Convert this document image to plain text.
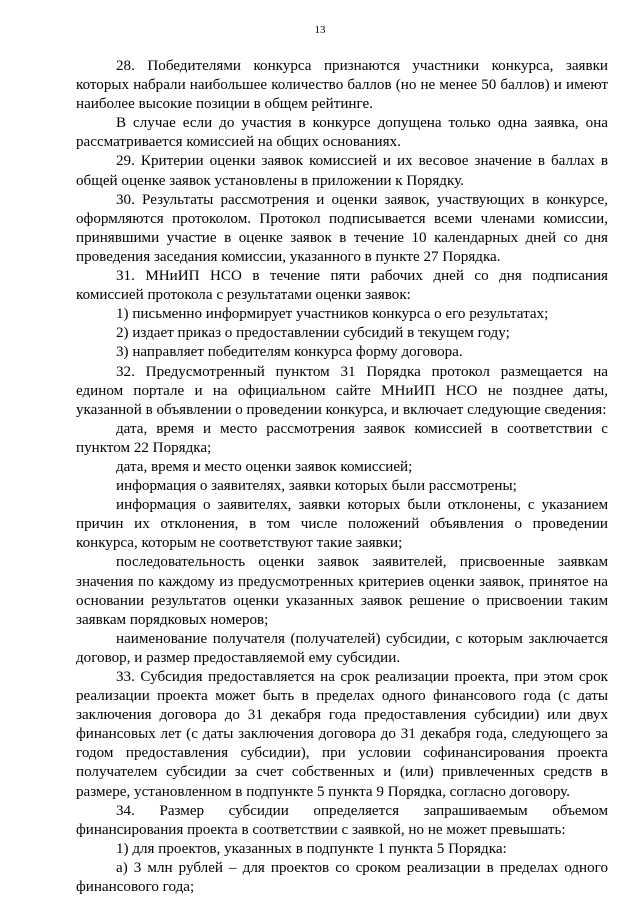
13

28. Победителями конкурса признаются участники конкурса, заявки которых набрали наибольшее количество баллов (но не менее 50 баллов) и имеют наиболее высокие позиции в общем рейтинге.

В случае если до участия в конкурсе допущена только одна заявка, она рассматривается комиссией на общих основаниях.

29. Критерии оценки заявок комиссией и их весовое значение в баллах в общей оценке заявок установлены в приложении к Порядку.

30. Результаты рассмотрения и оценки заявок, участвующих в конкурсе, оформляются протоколом. Протокол подписывается всеми членами комиссии, принявшими участие в оценке заявок в течение 10 календарных дней со дня проведения заседания комиссии, указанного в пункте 27 Порядка.

31. МНиИП НСО в течение пяти рабочих дней со дня подписания комиссией протокола с результатами оценки заявок:

1) письменно информирует участников конкурса о его результатах;

2) издает приказ о предоставлении субсидий в текущем году;

3) направляет победителям конкурса форму договора.

32. Предусмотренный пунктом 31 Порядка протокол размещается на едином портале и на официальном сайте МНиИП НСО не позднее даты, указанной в объявлении о проведении конкурса, и включает следующие сведения:

дата, время и место рассмотрения заявок комиссией в соответствии с пунктом 22 Порядка;

дата, время и место оценки заявок комиссией;

информация о заявителях, заявки которых были рассмотрены;

информация о заявителях, заявки которых были отклонены, с указанием причин их отклонения, в том числе положений объявления о проведении конкурса, которым не соответствуют такие заявки;

последовательность оценки заявок заявителей, присвоенные заявкам значения по каждому из предусмотренных критериев оценки заявок, принятое на основании результатов оценки указанных заявок решение о присвоении таким заявкам порядковых номеров;

наименование получателя (получателей) субсидии, с которым заключается договор, и размер предоставляемой ему субсидии.

33. Субсидия предоставляется на срок реализации проекта, при этом срок реализации проекта может быть в пределах одного финансового года (с даты заключения договора до 31 декабря года предоставления субсидии) или двух финансовых лет (с даты заключения договора до 31 декабря года, следующего за годом предоставления субсидии), при условии софинансирования проекта получателем субсидии за счет собственных и (или) привлеченных средств в размере, установленном в подпункте 5 пункта 9 Порядка, согласно договору.

34. Размер субсидии определяется запрашиваемым объемом финансирования проекта в соответствии с заявкой, но не может превышать:

1) для проектов, указанных в подпункте 1 пункта 5 Порядка:

а) 3 млн рублей – для проектов со сроком реализации в пределах одного финансового года;
